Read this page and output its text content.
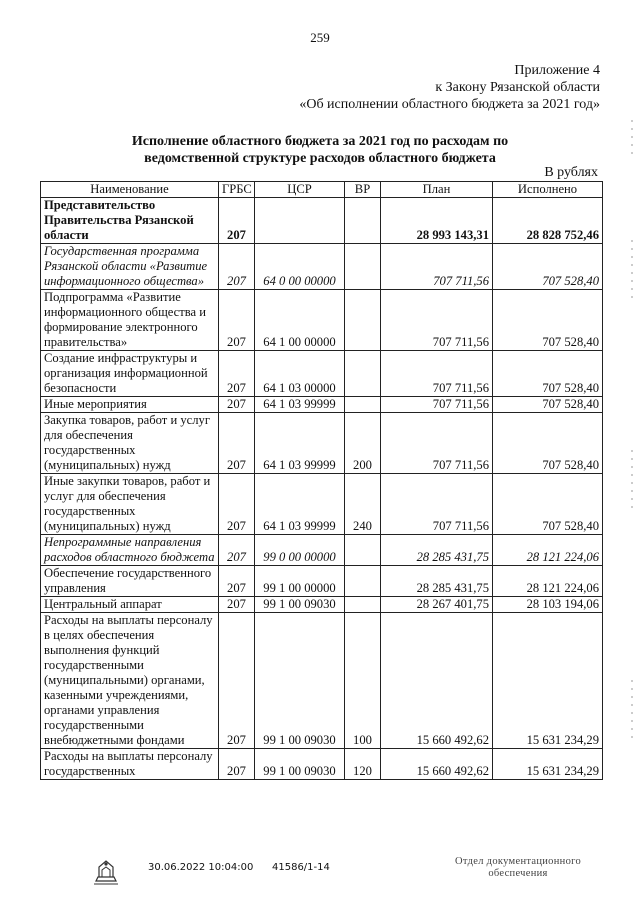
259
Приложение 4
к Закону Рязанской области
«Об исполнении областного бюджета за 2021 год»
Исполнение областного бюджета за 2021 год по расходам по
ведомственной структуре расходов областного бюджета
В рублях
Наименование	ГРБС	ЦСР	ВР	План	Исполнено
Представительство Правительства Рязанской области	207			28 993 143,31	28 828 752,46
Государственная программа Рязанской области «Развитие информационного общества»	207	64 0 00 00000		707 711,56	707 528,40
Подпрограмма «Развитие информационного общества и формирование электронного правительства»	207	64 1 00 00000		707 711,56	707 528,40
Создание инфраструктуры и организация информационной безопасности	207	64 1 03 00000		707 711,56	707 528,40
Иные мероприятия	207	64 1 03 99999		707 711,56	707 528,40
Закупка товаров, работ и услуг для обеспечения государственных (муниципальных) нужд	207	64 1 03 99999	200	707 711,56	707 528,40
Иные закупки товаров, работ и услуг для обеспечения государственных (муниципальных) нужд	207	64 1 03 99999	240	707 711,56	707 528,40
Непрограммные направления расходов областного бюджета	207	99 0 00 00000		28 285 431,75	28 121 224,06
Обеспечение государственного управления	207	99 1 00 00000		28 285 431,75	28 121 224,06
Центральный аппарат	207	99 1 00 09030		28 267 401,75	28 103 194,06
Расходы на выплаты персоналу в целях обеспечения выполнения функций государственными (муниципальными) органами, казенными учреждениями, органами управления государственными внебюджетными фондами	207	99 1 00 09030	100	15 660 492,62	15 631 234,29
Расходы на выплаты персоналу государственных	207	99 1 00 09030	120	15 660 492,62	15 631 234,29
30.06.2022 10:04:00 41586/1-14
Отдел документационного
обеспечения
